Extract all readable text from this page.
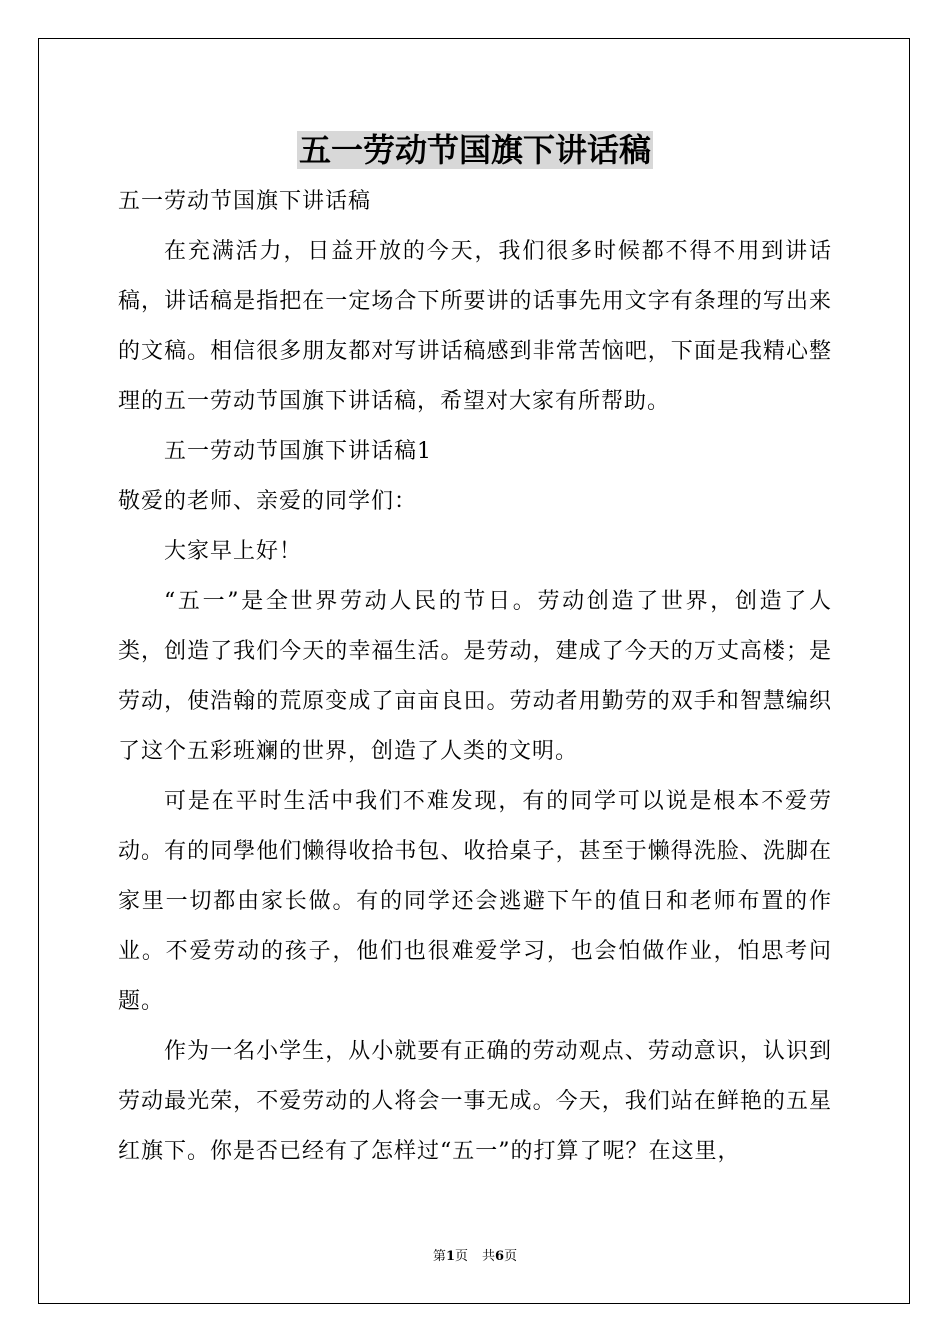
五一劳动节国旗下讲话稿

五一劳动节国旗下讲话稿

在充满活力，日益开放的今天，我们很多时候都不得不用到讲话稿，讲话稿是指把在一定场合下所要讲的话事先用文字有条理的写出来的文稿。相信很多朋友都对写讲话稿感到非常苦恼吧，下面是我精心整理的五一劳动节国旗下讲话稿，希望对大家有所帮助。

五一劳动节国旗下讲话稿1

敬爱的老师、亲爱的同学们：

大家早上好！

“五一”是全世界劳动人民的节日。劳动创造了世界，创造了人类，创造了我们今天的幸福生活。是劳动，建成了今天的万丈高楼；是劳动，使浩翰的荒原变成了亩亩良田。劳动者用勤劳的双手和智慧编织了这个五彩班斓的世界，创造了人类的文明。

可是在平时生活中我们不难发现，有的同学可以说是根本不爱劳动。有的同學他们懒得收拾书包、收拾桌子，甚至于懒得洗脸、洗脚在家里一切都由家长做。有的同学还会逃避下午的值日和老师布置的作业。不爱劳动的孩子，他们也很难爱学习，也会怕做作业，怕思考问题。

作为一名小学生，从小就要有正确的劳动观点、劳动意识，认识到劳动最光荣，不爱劳动的人将会一事无成。今天，我们站在鲜艳的五星红旗下。你是否已经有了怎样过“五一”的打算了呢？在这里，

第1页 共6页
